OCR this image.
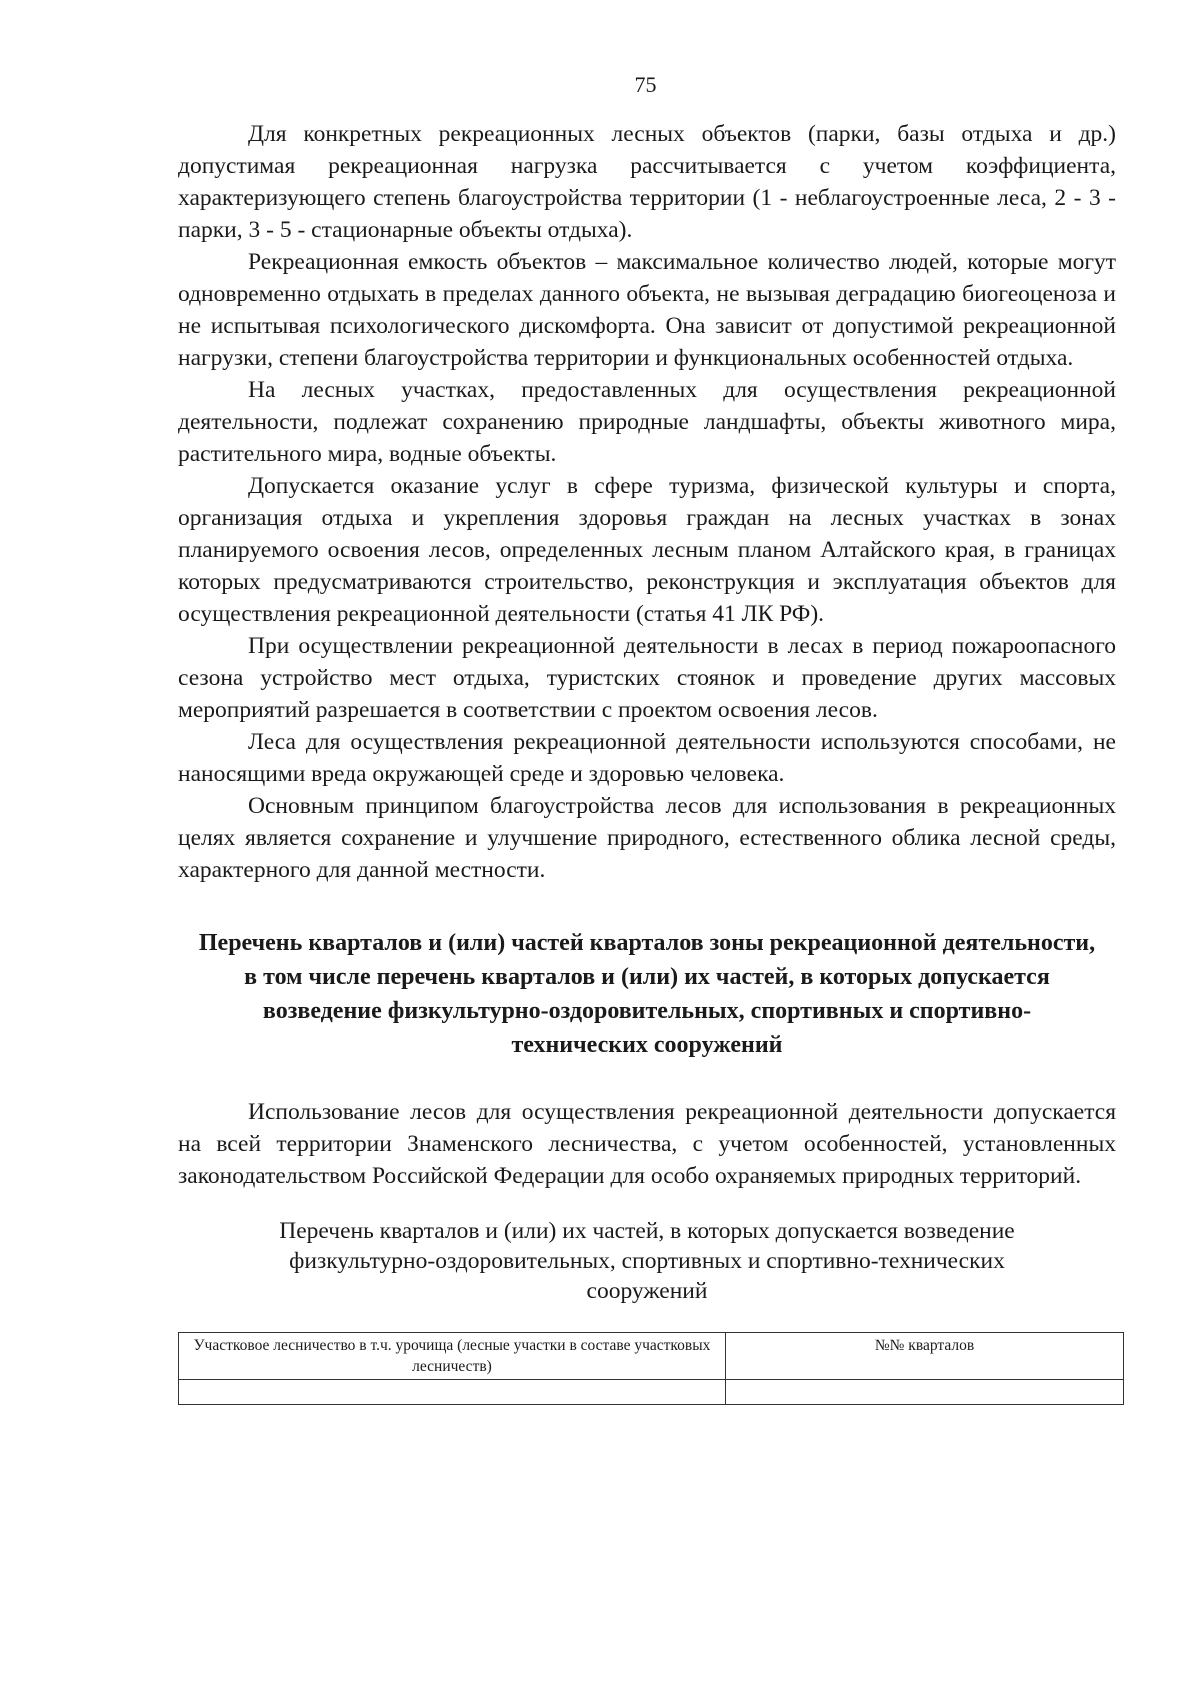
75

Для конкретных рекреационных лесных объектов (парки, базы отдыха и др.) допустимая рекреационная нагрузка рассчитывается с учетом коэффициента, характеризующего степень благоустройства территории (1 - неблагоустроенные леса, 2 - 3 - парки, 3 - 5 - стационарные объекты отдыха).

Рекреационная емкость объектов – максимальное количество людей, которые могут одновременно отдыхать в пределах данного объекта, не вызывая деградацию биогеоценоза и не испытывая психологического дискомфорта. Она зависит от допустимой рекреационной нагрузки, степени благоустройства территории и функциональных особенностей отдыха.

На лесных участках, предоставленных для осуществления рекреационной деятельности, подлежат сохранению природные ландшафты, объекты животного мира, растительного мира, водные объекты.

Допускается оказание услуг в сфере туризма, физической культуры и спорта, организация отдыха и укрепления здоровья граждан на лесных участках в зонах планируемого освоения лесов, определенных лесным планом Алтайского края, в границах которых предусматриваются строительство, реконструкция и эксплуатация объектов для осуществления рекреационной деятельности (статья 41 ЛК РФ).

При осуществлении рекреационной деятельности в лесах в период пожароопасного сезона устройство мест отдыха, туристских стоянок и проведение других массовых мероприятий разрешается в соответствии с проектом освоения лесов.

Леса для осуществления рекреационной деятельности используются способами, не наносящими вреда окружающей среде и здоровью человека.

Основным принципом благоустройства лесов для использования в рекреационных целях является сохранение и улучшение природного, естественного облика лесной среды, характерного для данной местности.

Перечень кварталов и (или) частей кварталов зоны рекреационной деятельности, в том числе перечень кварталов и (или) их частей, в которых допускается возведение физкультурно-оздоровительных, спортивных и спортивно-технических сооружений

Использование лесов для осуществления рекреационной деятельности допускается на всей территории Знаменского лесничества, с учетом особенностей, установленных законодательством Российской Федерации для особо охраняемых природных территорий.

Перечень кварталов и (или) их частей, в которых допускается возведение физкультурно-оздоровительных, спортивных и спортивно-технических сооружений
Участковое лесничество в т.ч. урочища (лесные участки в составе участковых лесничеств)	№№ кварталов
